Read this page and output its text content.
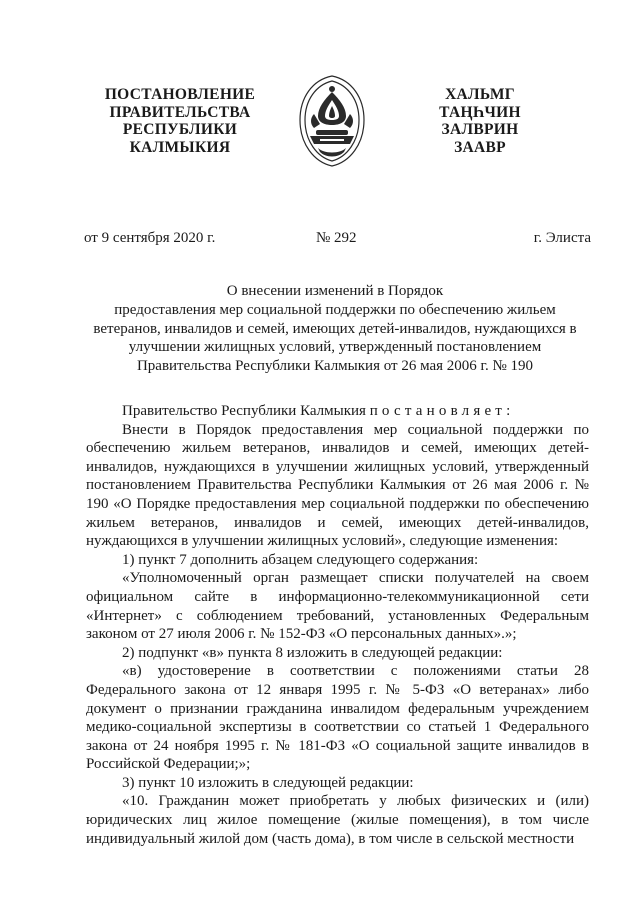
ПОСТАНОВЛЕНИЕ
ПРАВИТЕЛЬСТВА
РЕСПУБЛИКИ
КАЛМЫКИЯ
ХАЛЬМГ
ТАҢҺЧИН
ЗАЛВРИН
ЗААВР
от 9 сентября 2020 г.	№ 292	г. Элиста
О внесении изменений в Порядок
предоставления мер социальной поддержки по обеспечению жильем
ветеранов, инвалидов и семей, имеющих детей-инвалидов, нуждающихся в
улучшении жилищных условий, утвержденный постановлением
Правительства Республики Калмыкия от 26 мая 2006 г. № 190

Правительство Республики Калмыкия постановляет:

Внести в Порядок предоставления мер социальной поддержки по обеспечению жильем ветеранов, инвалидов и семей, имеющих детей-инвалидов, нуждающихся в улучшении жилищных условий, утвержденный постановлением Правительства Республики Калмыкия от 26 мая 2006 г. № 190 «О Порядке предоставления мер социальной поддержки по обеспечению жильем ветеранов, инвалидов и семей, имеющих детей-инвалидов, нуждающихся в улучшении жилищных условий», следующие изменения:

1) пункт 7 дополнить абзацем следующего содержания:

«Уполномоченный орган размещает списки получателей на своем официальном сайте в информационно-телекоммуникационной сети «Интернет» с соблюдением требований, установленных Федеральным законом от 27 июля 2006 г. № 152-ФЗ «О персональных данных».»;

2) подпункт «в» пункта 8 изложить в следующей редакции:

«в) удостоверение в соответствии с положениями статьи 28 Федерального закона от 12 января 1995 г. № 5-ФЗ «О ветеранах» либо документ о признании гражданина инвалидом федеральным учреждением медико-социальной экспертизы в соответствии со статьей 1 Федерального закона от 24 ноября 1995 г. № 181-ФЗ «О социальной защите инвалидов в Российской Федерации;»;

3) пункт 10 изложить в следующей редакции:

«10. Гражданин может приобретать у любых физических и (или) юридических лиц жилое помещение (жилые помещения), в том числе индивидуальный жилой дом (часть дома), в том числе в сельской местности
